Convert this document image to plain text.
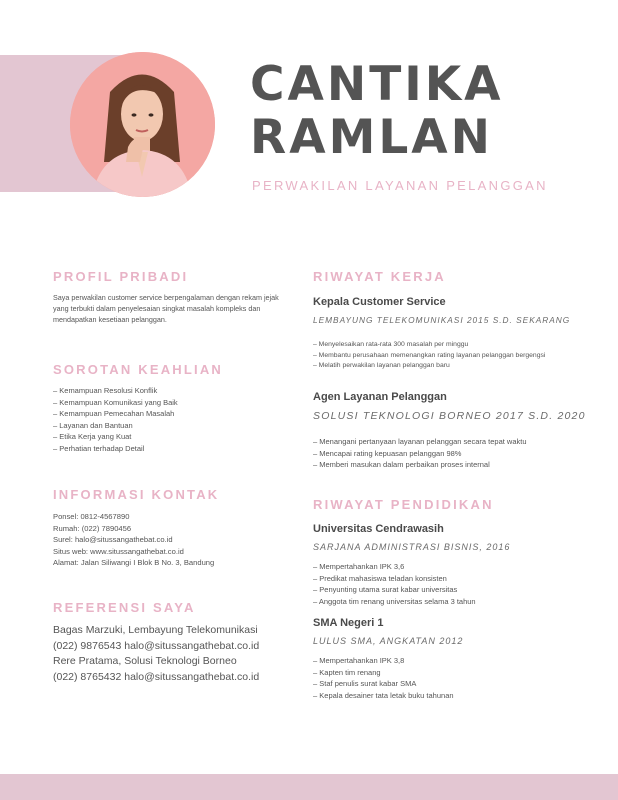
CANTIKA
RAMLAN
PERWAKILAN LAYANAN PELANGGAN
PROFIL PRIBADI
Saya perwakilan customer service berpengalaman dengan rekam jejak yang terbukti dalam penyelesaian singkat masalah kompleks dan mendapatkan kesetiaan pelanggan.
SOROTAN KEAHLIAN
– Kemampuan Resolusi Konflik
– Kemampuan Komunikasi yang Baik
– Kemampuan Pemecahan Masalah
– Layanan dan Bantuan
– Etika Kerja yang Kuat
– Perhatian terhadap Detail
INFORMASI KONTAK
Ponsel: 0812-4567890
Rumah: (022) 7890456
Surel: halo@situssangathebat.co.id
Situs web: www.situssangathebat.co.id
Alamat: Jalan Siliwangi I Blok B No. 3, Bandung
REFERENSI SAYA
Bagas Marzuki, Lembayung Telekomunikasi
(022) 9876543 halo@situssangathebat.co.id
Rere Pratama, Solusi Teknologi Borneo
(022) 8765432 halo@situssangathebat.co.id
RIWAYAT KERJA
Kepala Customer Service
LEMBAYUNG TELEKOMUNIKASI 2015 S.D. SEKARANG
– Menyelesaikan rata-rata 300 masalah per minggu
– Membantu perusahaan memenangkan rating layanan pelanggan bergengsi
– Melatih perwakilan layanan pelanggan baru
Agen Layanan Pelanggan
SOLUSI TEKNOLOGI BORNEO 2017 S.D. 2020
– Menangani pertanyaan layanan pelanggan secara tepat waktu
– Mencapai rating kepuasan pelanggan 98%
– Memberi masukan dalam perbaikan proses internal
RIWAYAT PENDIDIKAN
Universitas Cendrawasih
SARJANA ADMINISTRASI BISNIS, 2016
– Mempertahankan IPK 3,6
– Predikat mahasiswa teladan konsisten
– Penyunting utama surat kabar universitas
– Anggota tim renang universitas selama 3 tahun
SMA Negeri 1
LULUS SMA, ANGKATAN 2012
– Mempertahankan IPK 3,8
– Kapten tim renang
– Staf penulis surat kabar SMA
– Kepala desainer tata letak buku tahunan
